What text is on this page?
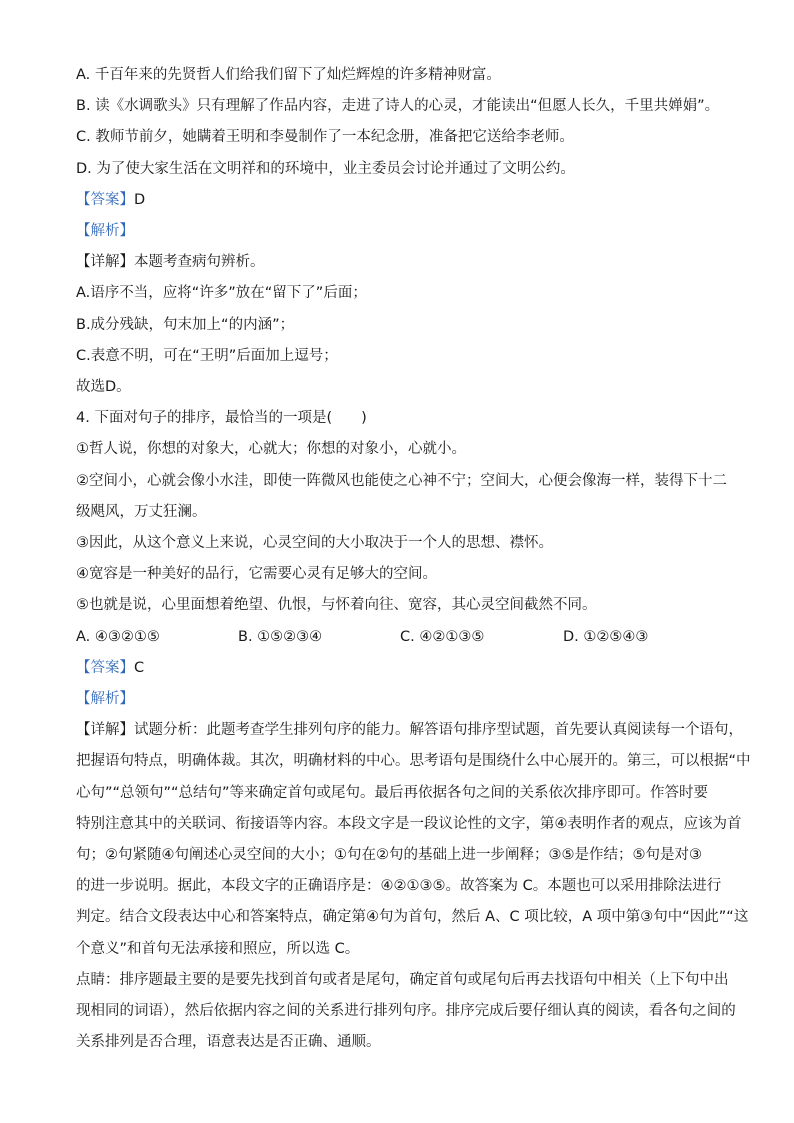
A. 千百年来的先贤哲人们给我们留下了灿烂辉煌的许多精神财富。
B. 读《水调歌头》只有理解了作品内容，走进了诗人的心灵，才能读出“但愿人长久，千里共婵娟”。
C. 教师节前夕，她瞒着王明和李曼制作了一本纪念册，准备把它送给李老师。
D. 为了使大家生活在文明祥和的环境中，业主委员会讨论并通过了文明公约。
【答案】D
【解析】
【详解】本题考查病句辨析。
A.语序不当，应将“许多”放在“留下了”后面；
B.成分残缺，句末加上“的内涵”；
C.表意不明，可在“王明”后面加上逗号；
故选D。
4. 下面对句子的排序，最恰当的一项是(　　)
①哲人说，你想的对象大，心就大；你想的对象小，心就小。
②空间小，心就会像小水洼，即使一阵微风也能使之心神不宁；空间大，心便会像海一样，装得下十二
级飓风，万丈狂澜。
③因此，从这个意义上来说，心灵空间的大小取决于一个人的思想、襟怀。
④宽容是一种美好的品行，它需要心灵有足够大的空间。
⑤也就是说，心里面想着绝望、仇恨，与怀着向往、宽容，其心灵空间截然不同。
A. ④③②①⑤	B. ①⑤②③④	C. ④②①③⑤	D. ①②⑤④③
【答案】C
【解析】
【详解】试题分析：此题考查学生排列句序的能力。解答语句排序型试题，首先要认真阅读每一个语句，
把握语句特点，明确体裁。其次，明确材料的中心。思考语句是围绕什么中心展开的。第三，可以根据“中
心句”“总领句”“总结句”等来确定首句或尾句。最后再依据各句之间的关系依次排序即可。作答时要
特别注意其中的关联词、衔接语等内容。本段文字是一段议论性的文字，第④表明作者的观点，应该为首
句；②句紧随④句阐述心灵空间的大小；①句在②句的基础上进一步阐释；③⑤是作结；⑤句是对③
的进一步说明。据此，本段文字的正确语序是：④②①③⑤。故答案为 C。本题也可以采用排除法进行
判定。结合文段表达中心和答案特点，确定第④句为首句，然后 A、C 项比较，A 项中第③句中“因此”“这
个意义”和首句无法承接和照应，所以选 C。
点睛：排序题最主要的是要先找到首句或者是尾句，确定首句或尾句后再去找语句中相关（上下句中出
现相同的词语），然后依据内容之间的关系进行排列句序。排序完成后要仔细认真的阅读，看各句之间的
关系排列是否合理，语意表达是否正确、通顺。
